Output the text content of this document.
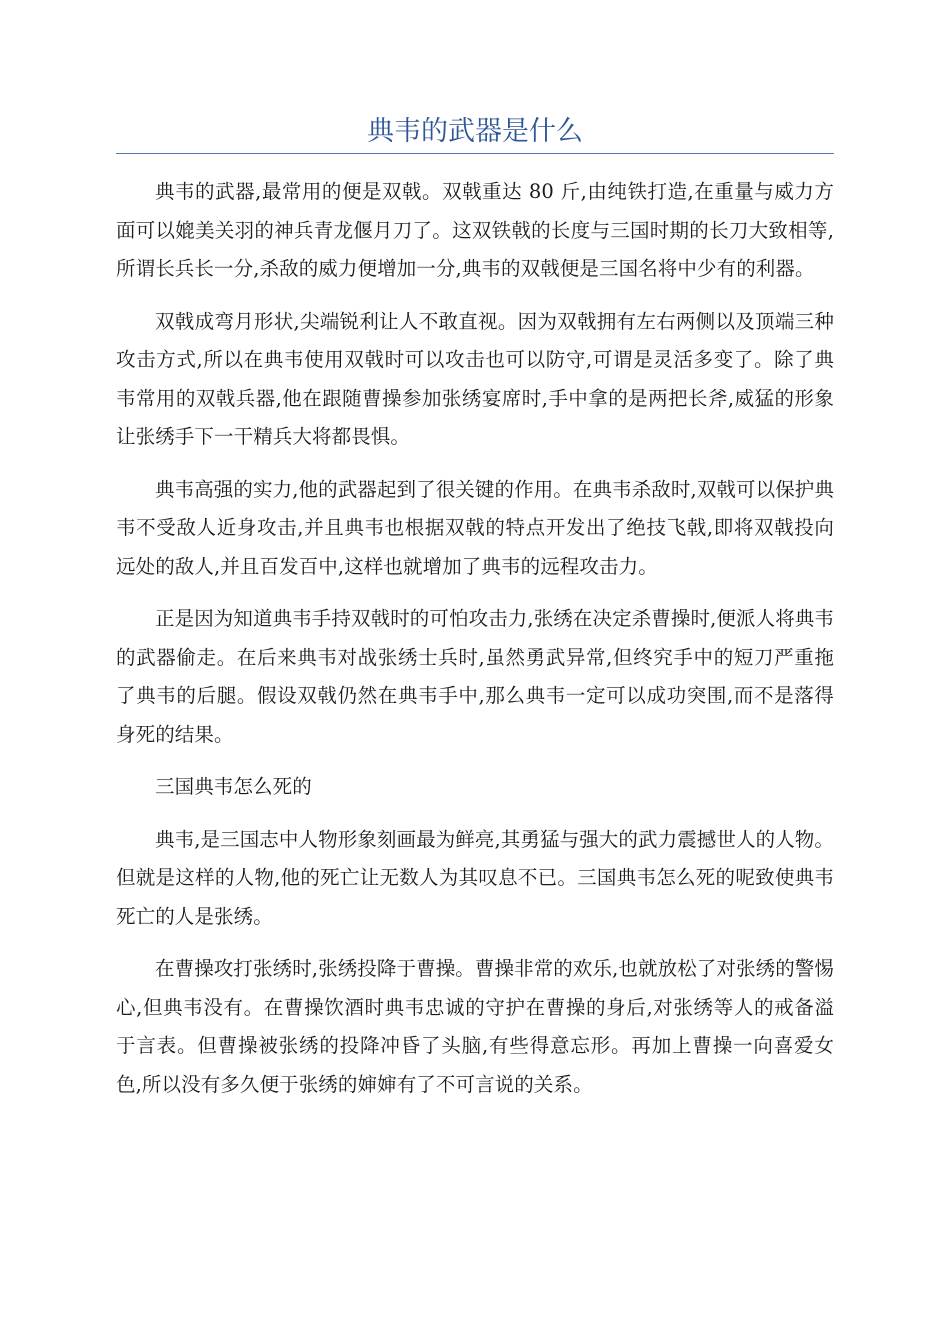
典韦的武器是什么

典韦的武器,最常用的便是双戟。双戟重达 80 斤,由纯铁打造,在重量与威力方面可以媲美关羽的神兵青龙偃月刀了。这双铁戟的长度与三国时期的长刀大致相等,所谓长兵长一分,杀敌的威力便增加一分,典韦的双戟便是三国名将中少有的利器。

双戟成弯月形状,尖端锐利让人不敢直视。因为双戟拥有左右两侧以及顶端三种攻击方式,所以在典韦使用双戟时可以攻击也可以防守,可谓是灵活多变了。除了典韦常用的双戟兵器,他在跟随曹操参加张绣宴席时,手中拿的是两把长斧,威猛的形象让张绣手下一干精兵大将都畏惧。

典韦高强的实力,他的武器起到了很关键的作用。在典韦杀敌时,双戟可以保护典韦不受敌人近身攻击,并且典韦也根据双戟的特点开发出了绝技飞戟,即将双戟投向远处的敌人,并且百发百中,这样也就增加了典韦的远程攻击力。

正是因为知道典韦手持双戟时的可怕攻击力,张绣在决定杀曹操时,便派人将典韦的武器偷走。在后来典韦对战张绣士兵时,虽然勇武异常,但终究手中的短刀严重拖了典韦的后腿。假设双戟仍然在典韦手中,那么典韦一定可以成功突围,而不是落得身死的结果。

三国典韦怎么死的

典韦,是三国志中人物形象刻画最为鲜亮,其勇猛与强大的武力震撼世人的人物。但就是这样的人物,他的死亡让无数人为其叹息不已。三国典韦怎么死的呢致使典韦死亡的人是张绣。

在曹操攻打张绣时,张绣投降于曹操。曹操非常的欢乐,也就放松了对张绣的警惕心,但典韦没有。在曹操饮酒时典韦忠诚的守护在曹操的身后,对张绣等人的戒备溢于言表。但曹操被张绣的投降冲昏了头脑,有些得意忘形。再加上曹操一向喜爱女色,所以没有多久便于张绣的婶婶有了不可言说的关系。
